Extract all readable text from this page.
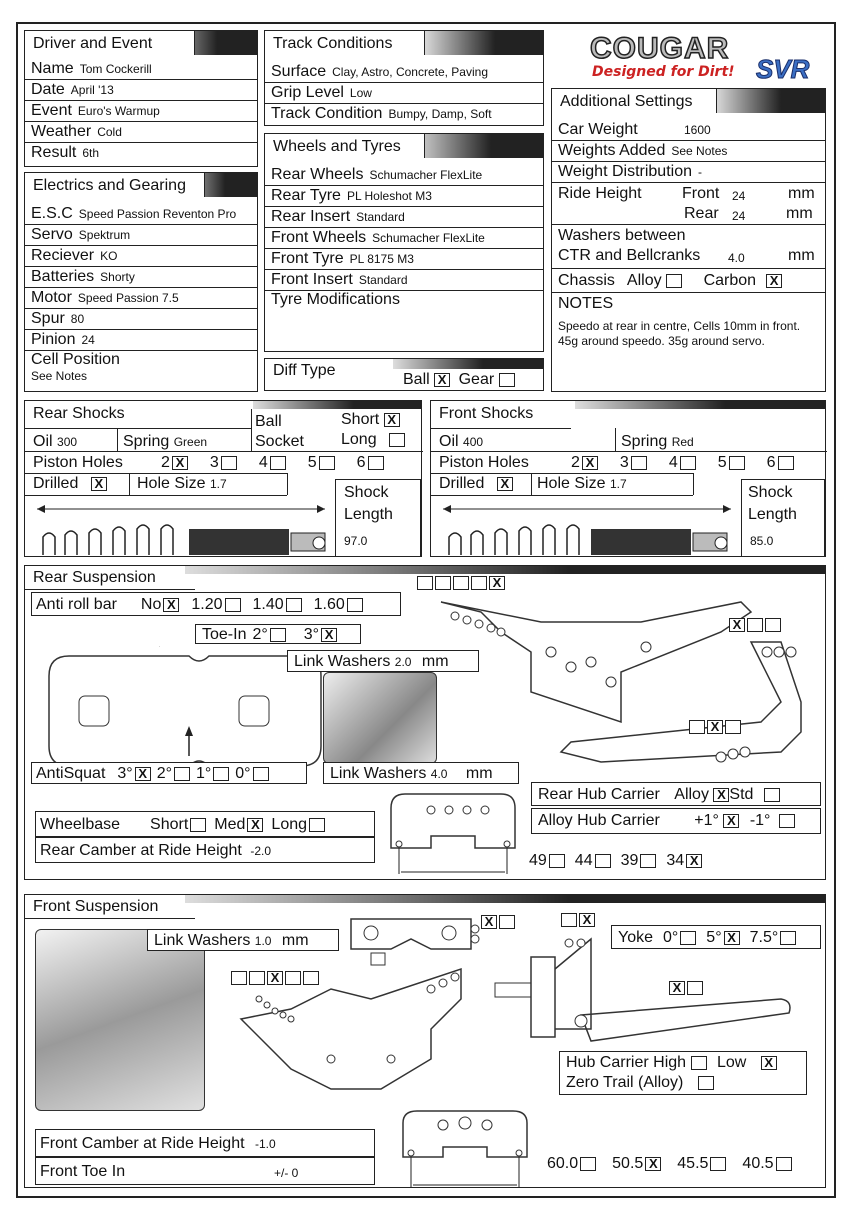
COUGAR
SVR
Designed for Dirt!
Driver and Event
Name Tom Cockerill
Date April '13
Event Euro's Warmup
Weather Cold
Result 6th
Electrics and Gearing
E.S.C Speed Passion Reventon Pro
Servo Spektrum
Reciever KO
Batteries Shorty
Motor Speed Passion 7.5
Spur 80
Pinion 24
Cell Position
See Notes
Track Conditions
Surface Clay, Astro, Concrete, Paving
Grip Level Low
Track Condition Bumpy, Damp, Soft
Wheels and Tyres
Rear Wheels Schumacher FlexLite
Rear Tyre PL Holeshot M3
Rear Insert Standard
Front Wheels Schumacher FlexLite
Front Tyre PL 8175 M3
Front Insert Standard
Tyre Modifications
Diff Type
Ball X Gear
Additional Settings
Car Weight	1600
Weights Added See Notes
Weight Distribution -
Ride Height	Front 24	mm
Rear 24	mm
Washers between
CTR and Bellcranks 4.0	mm
Chassis Alloy	Carbon X
NOTES
Speedo at rear in centre, Cells 10mm in front. 45g around speedo. 35g around servo.
Rear Shocks	Ball
Socket
Short X
Long
Oil 300	Spring Green
Piston Holes 2 X 3	4	5	6
Drilled X Hole Size 1.7	Shock
Length
97.0
Front Shocks
Oil 400	Spring Red
Piston Holes	2 X 3	4	5	6
Drilled X Hole Size 1.7	Shock
Length
85.0
Rear Suspension
Anti roll bar No X 1.20 1.40 1.60
X
X
Toe-In 2° 3° X
Link Washers 2.0 mm
Link Washers 4.0 mm
AntiSquat 3° X 2° 1° 0°
Rear Hub Carrier Alloy X Std
Alloy Hub Carrier +1° X -1°
Wheelbase Short Med X Long
Rear Camber at Ride Height -2.0
49 44 39 34 X
X
Front Suspension
Link Washers 1.0 mm
X
X	X
X
Yoke 0° 5° X 7.5°
Hub Carrier High Low X
Zero Trail (Alloy)
Front Camber at Ride Height -1.0
Front Toe In	+/- 0
60.0 50.5 X 45.5 40.5
